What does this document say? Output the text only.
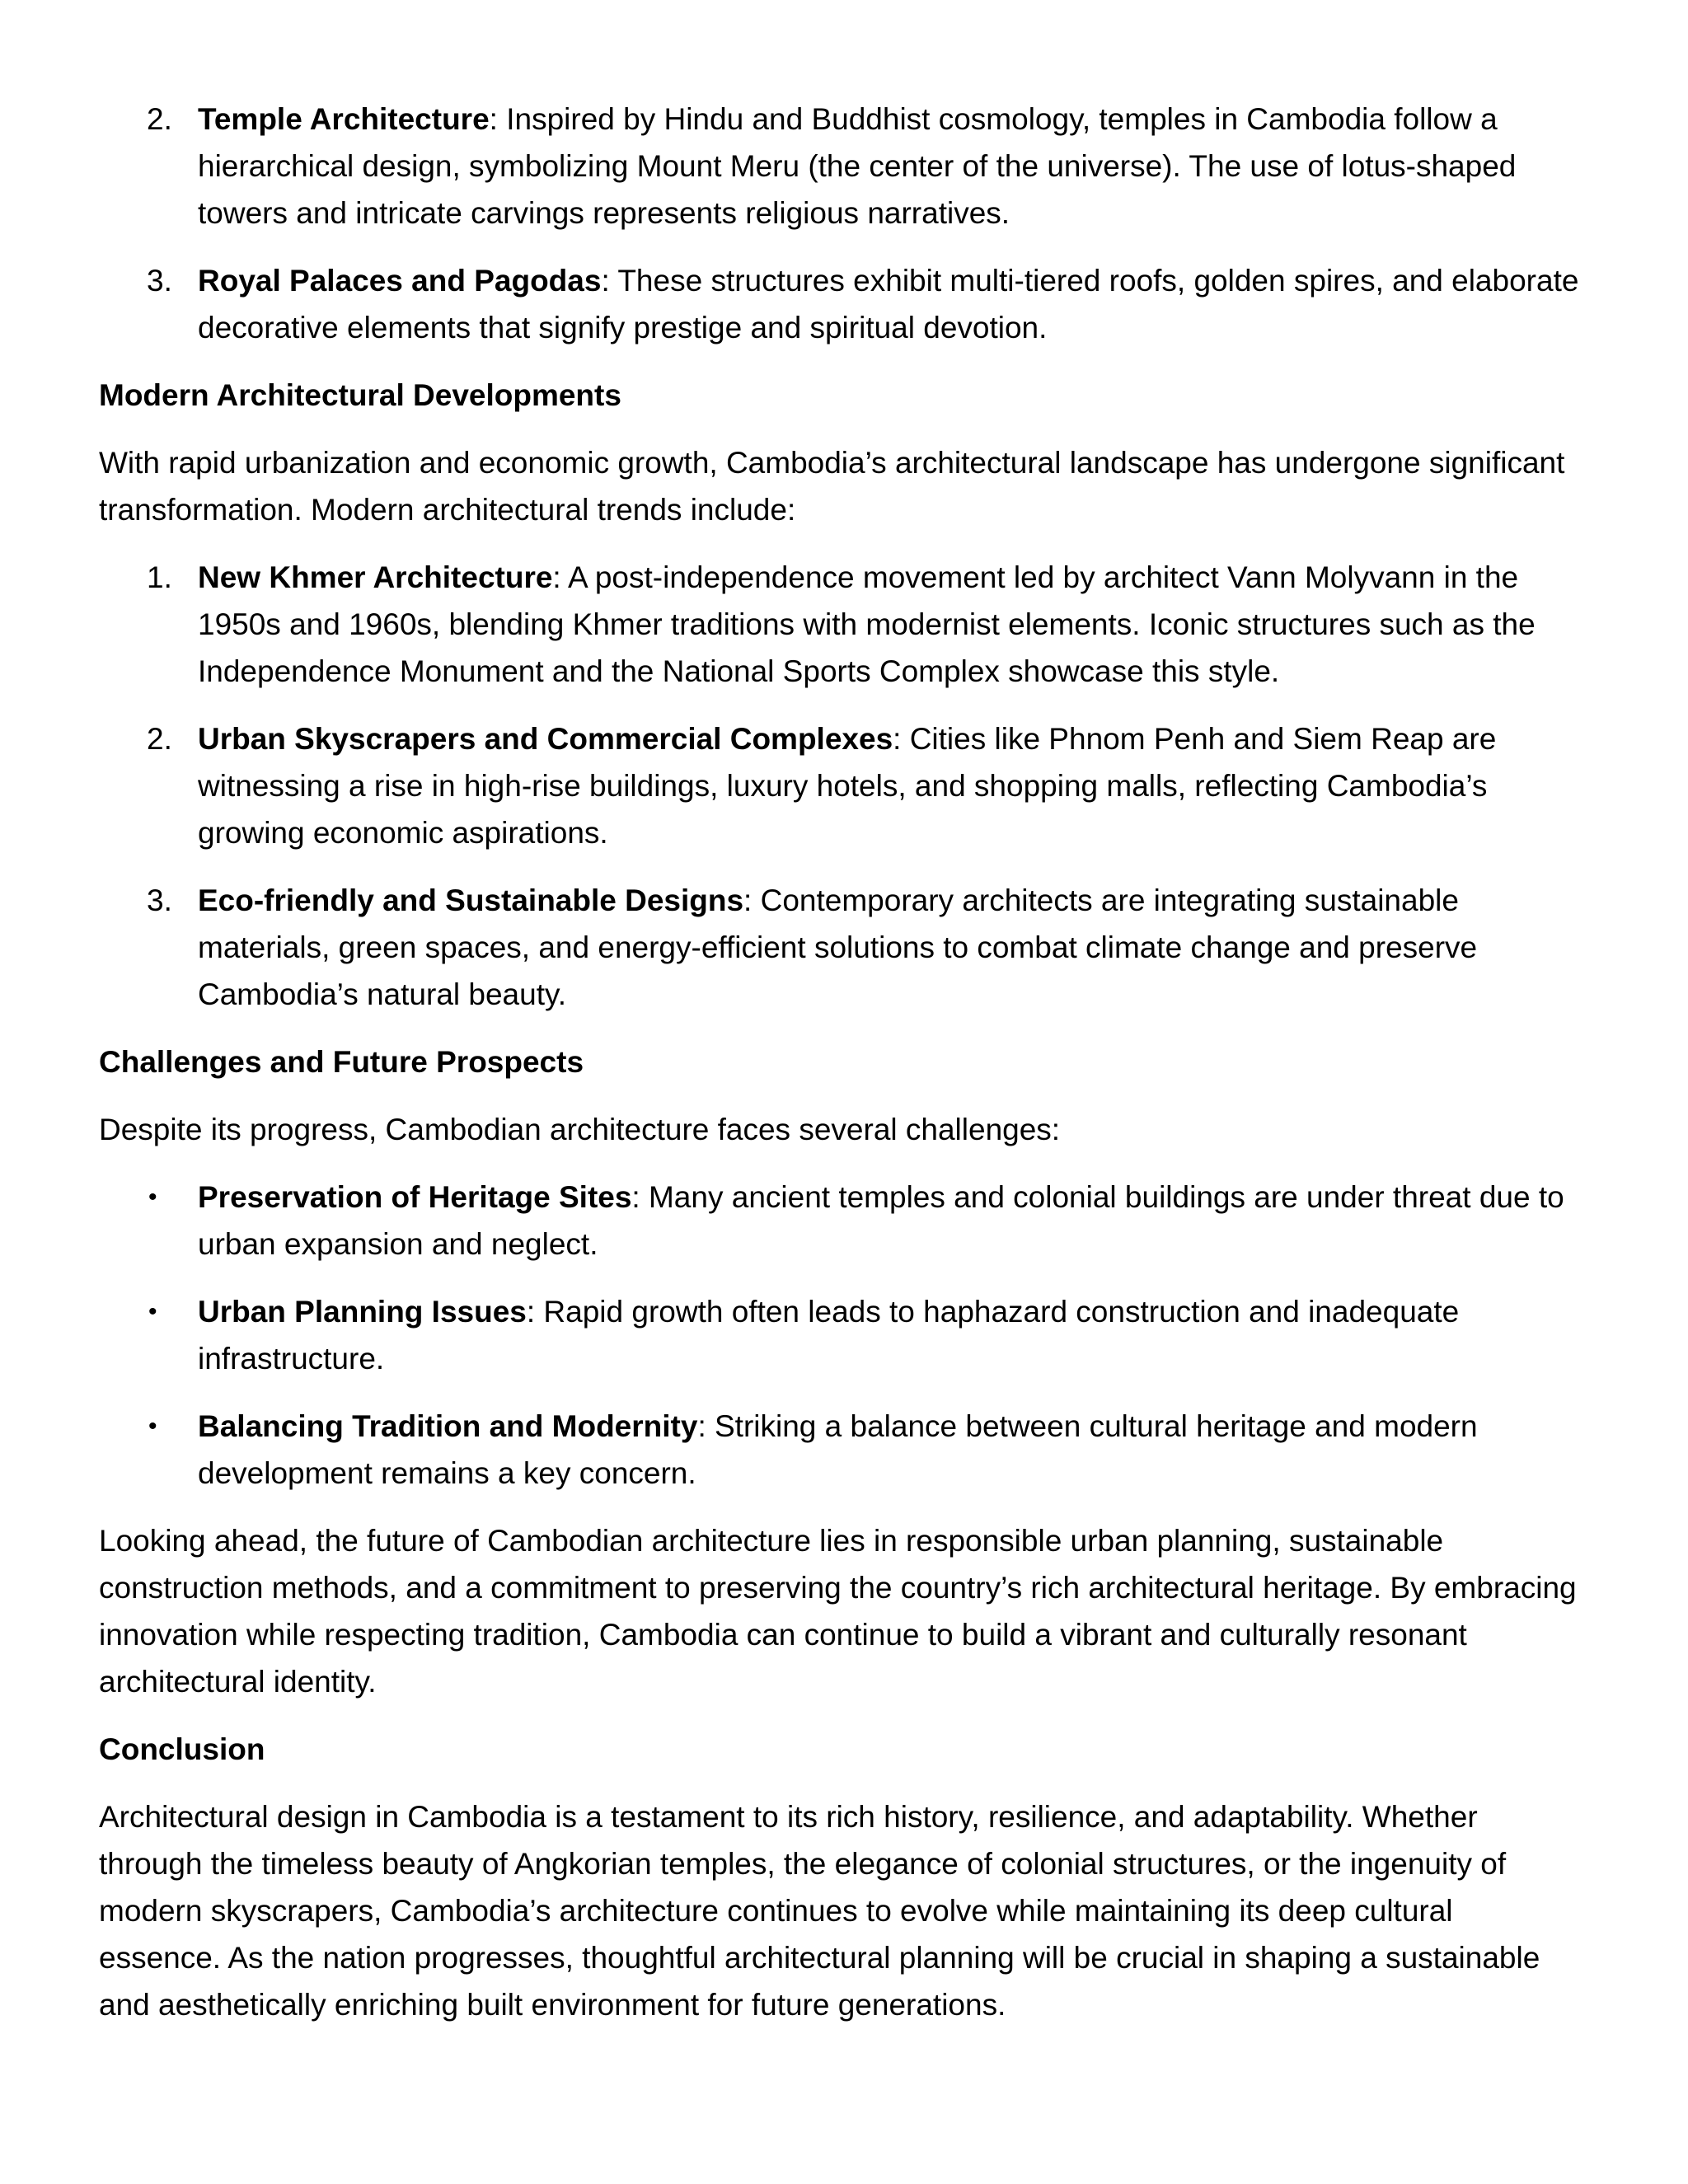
2. Temple Architecture: Inspired by Hindu and Buddhist cosmology, temples in Cambodia follow a hierarchical design, symbolizing Mount Meru (the center of the universe). The use of lotus-shaped towers and intricate carvings represents religious narratives.
3. Royal Palaces and Pagodas: These structures exhibit multi-tiered roofs, golden spires, and elaborate decorative elements that signify prestige and spiritual devotion.
Modern Architectural Developments

With rapid urbanization and economic growth, Cambodia’s architectural landscape has undergone significant transformation. Modern architectural trends include:

1. New Khmer Architecture: A post-independence movement led by architect Vann Molyvann in the 1950s and 1960s, blending Khmer traditions with modernist elements. Iconic structures such as the Independence Monument and the National Sports Complex showcase this style.
2. Urban Skyscrapers and Commercial Complexes: Cities like Phnom Penh and Siem Reap are witnessing a rise in high-rise buildings, luxury hotels, and shopping malls, reflecting Cambodia’s growing economic aspirations.
3. Eco-friendly and Sustainable Designs: Contemporary architects are integrating sustainable materials, green spaces, and energy-efficient solutions to combat climate change and preserve Cambodia’s natural beauty.
Challenges and Future Prospects

Despite its progress, Cambodian architecture faces several challenges:

• Preservation of Heritage Sites: Many ancient temples and colonial buildings are under threat due to urban expansion and neglect.
• Urban Planning Issues: Rapid growth often leads to haphazard construction and inadequate infrastructure.
• Balancing Tradition and Modernity: Striking a balance between cultural heritage and modern development remains a key concern.

Looking ahead, the future of Cambodian architecture lies in responsible urban planning, sustainable construction methods, and a commitment to preserving the country’s rich architectural heritage. By embracing innovation while respecting tradition, Cambodia can continue to build a vibrant and culturally resonant architectural identity.

Conclusion

Architectural design in Cambodia is a testament to its rich history, resilience, and adaptability. Whether through the timeless beauty of Angkorian temples, the elegance of colonial structures, or the ingenuity of modern skyscrapers, Cambodia’s architecture continues to evolve while maintaining its deep cultural essence. As the nation progresses, thoughtful architectural planning will be crucial in shaping a sustainable and aesthetically enriching built environment for future generations.
